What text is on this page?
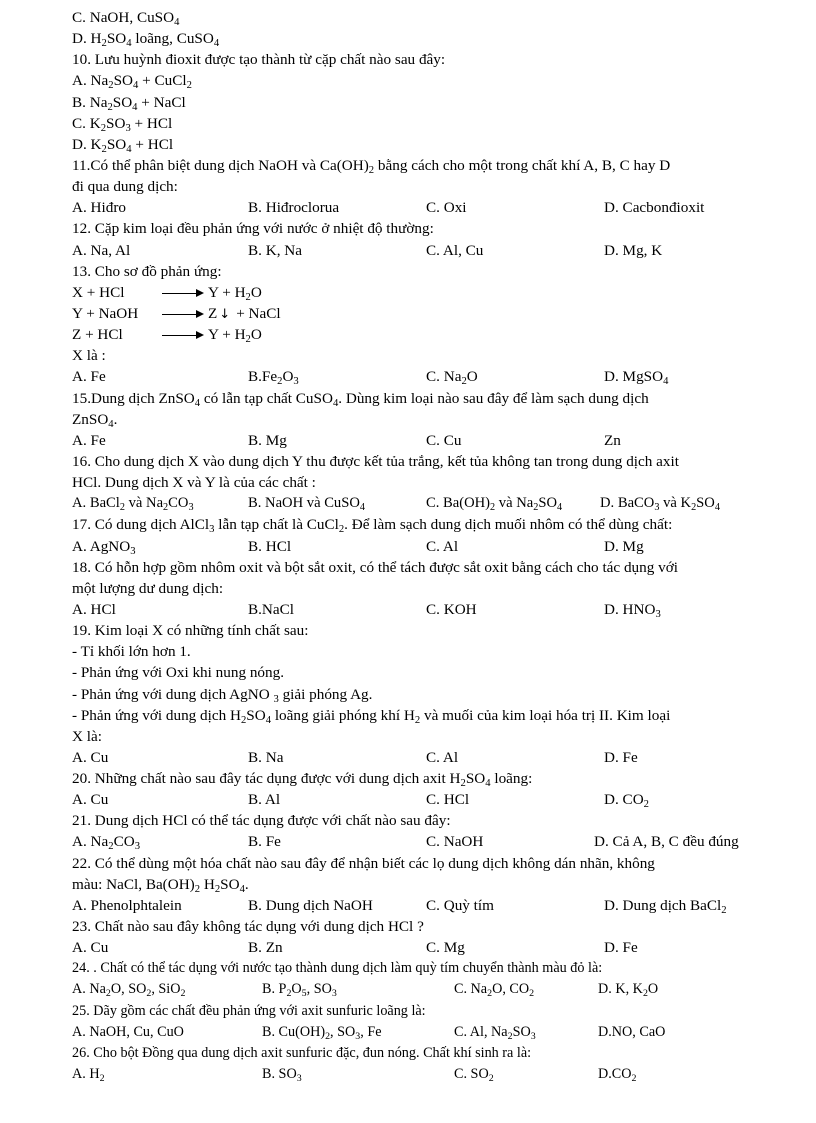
C. NaOH, CuSO$_4$
D. $H_2SO_4$ loãng, CuSO$_4$
10. Lưu huỳnh đioxit được tạo thành từ cặp chất nào sau đây:
A. $Na_2SO_4$ + CuCl$_2$
B. $Na_2SO_4$ + NaCl
C. $K_2SO_3$ + HCl
D. $K_2SO_4$ + HCl
11.Có thể phân biệt dung dịch NaOH và $Ca(OH)_2$ bằng cách cho một trong chất khí A, B, C hay D
đi qua dung dịch:
A. Hiđro	B. Hiđroclorua	C. Oxi	D. Cacbonđioxit
12. Cặp kim loại đều phản ứng với nước ở nhiệt độ thường:
A. Na, Al	B. K, Na	C. Al, Cu	D. Mg, K
13. Cho sơ đồ phản ứng:
X + HCl → $Y + H_2O$
Y + NaOH → Z ↓ + NaCl
Z + HCl → $Y + H_2O$
X là :
A. Fe	$B.Fe_2O_3$	C. $Na_2O$	D. MgSO$_4$
15.Dung dịch ZnSO$_4$ có lẫn tạp chất CuSO$_4$. Dùng kim loại nào sau đây để làm sạch dung dịch
ZnSO$_4$.
A. Fe	B. Mg	C. Cu	Zn
16. Cho dung dịch X vào dung dịch Y thu được kết tủa trắng, kết tủa không tan trong dung dịch axit
HCl. Dung dịch X và Y là của các chất :
A. BaCl$_2$ và $Na_2CO_3$	B. NaOH và CuSO$_4$	C. $Ba(OH)_2$ và $Na_2SO_4$	D. BaCO$_3$ và $K_2SO_4$
17. Có dung dịch AlCl$_3$ lẫn tạp chất là CuCl$_2$. Để làm sạch dung dịch muối nhôm có thể dùng chất:
A. AgNO$_3$	B. HCl	C. Al	D. Mg
18. Có hỗn hợp gồm nhôm oxit và bột sắt oxit, có thể tách được sắt oxit bằng cách cho tác dụng với
một lượng dư dung dịch:
A. HCl	B.NaCl	C. KOH	D. $HNO_3$
19. Kim loại X có những tính chất sau:
- Tỉ khối lớn hơn 1.
- Phản ứng với Oxi khi nung nóng.
- Phản ứng với dung dịch AgNO $_3$ giải phóng Ag.
- Phản ứng với dung dịch $H_2SO_4$ loãng giải phóng khí $H_2$ và muối của kim loại hóa trị II. Kim loại
X là:
A. Cu	B. Na	C. Al	D. Fe
20. Những chất nào sau đây tác dụng được với dung dịch axit $H_2SO_4$ loãng:
A. Cu	B. Al	C. HCl	D. $CO_2$
21. Dung dịch HCl có thể tác dụng được với chất nào sau đây:
A. $Na_2CO_3$	B. Fe	C. NaOH	D. Cả A, B, C đều đúng
22. Có thể dùng một hóa chất nào sau đây để nhận biết các lọ dung dịch không dán nhãn, không
màu: NaCl, $Ba(OH)_2$ $H_2SO_4$.
A. Phenolphtalein	B. Dung dịch NaOH	C. Quỳ tím	D. Dung dịch BaCl$_2$
23. Chất nào sau đây không tác dụng với dung dịch HCl ?
A. Cu	B. Zn	C. Mg	D. Fe
24. . Chất có thể tác dụng với nước tạo thành dung dịch làm quỳ tím chuyển thành màu đỏ là:
A. $Na_2O$, $SO_2$, SiO$_2$	B. $P_2O_5$, $SO_3$	C. $Na_2O$, $CO_2$	D. K, $K_2O$
25. Dãy gồm các chất đều phản ứng với axit sunfuric loãng là:
A. NaOH, Cu, CuO	B. $Cu(OH)_2$, $SO_3$, Fe	C. Al, $Na_2SO_3$	D.NO, CaO
26. Cho bột Đồng qua dung dịch axit sunfuric đặc, đun nóng. Chất khí sinh ra là:
A. $H_2$	B. $SO_3$	C. $SO_2$	$D.CO_2$
